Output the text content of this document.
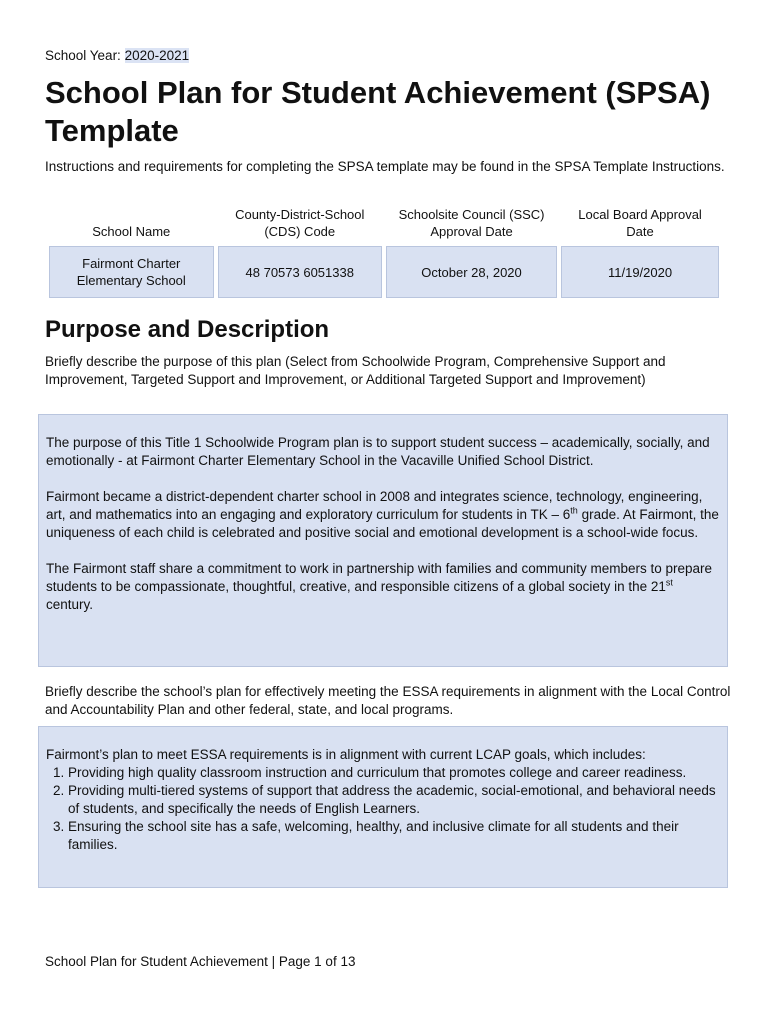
School Year: 2020-2021
School Plan for Student Achievement (SPSA) Template
Instructions and requirements for completing the SPSA template may be found in the SPSA Template Instructions.
School Name	County-District-School (CDS) Code	Schoolsite Council (SSC) Approval Date	Local Board Approval Date
Fairmont Charter Elementary School	48 70573 6051338	October 28, 2020	11/19/2020
Purpose and Description
Briefly describe the purpose of this plan (Select from Schoolwide Program, Comprehensive Support and Improvement, Targeted Support and Improvement, or Additional Targeted Support and Improvement)

The purpose of this Title 1 Schoolwide Program plan is to support student success – academically, socially, and emotionally - at Fairmont Charter Elementary School in the Vacaville Unified School District.

Fairmont became a district-dependent charter school in 2008 and integrates science, technology, engineering, art, and mathematics into an engaging and exploratory curriculum for students in TK – 6th grade. At Fairmont, the uniqueness of each child is celebrated and positive social and emotional development is a school-wide focus.

The Fairmont staff share a commitment to work in partnership with families and community members to prepare students to be compassionate, thoughtful, creative, and responsible citizens of a global society in the 21st century.

Briefly describe the school’s plan for effectively meeting the ESSA requirements in alignment with the Local Control and Accountability Plan and other federal, state, and local programs.

Fairmont’s plan to meet ESSA requirements is in alignment with current LCAP goals, which includes:

1. Providing high quality classroom instruction and curriculum that promotes college and career readiness.
2. Providing multi-tiered systems of support that address the academic, social-emotional, and behavioral needs of students, and specifically the needs of English Learners.
3. Ensuring the school site has a safe, welcoming, healthy, and inclusive climate for all students and their families.
School Plan for Student Achievement | Page 1 of 13
